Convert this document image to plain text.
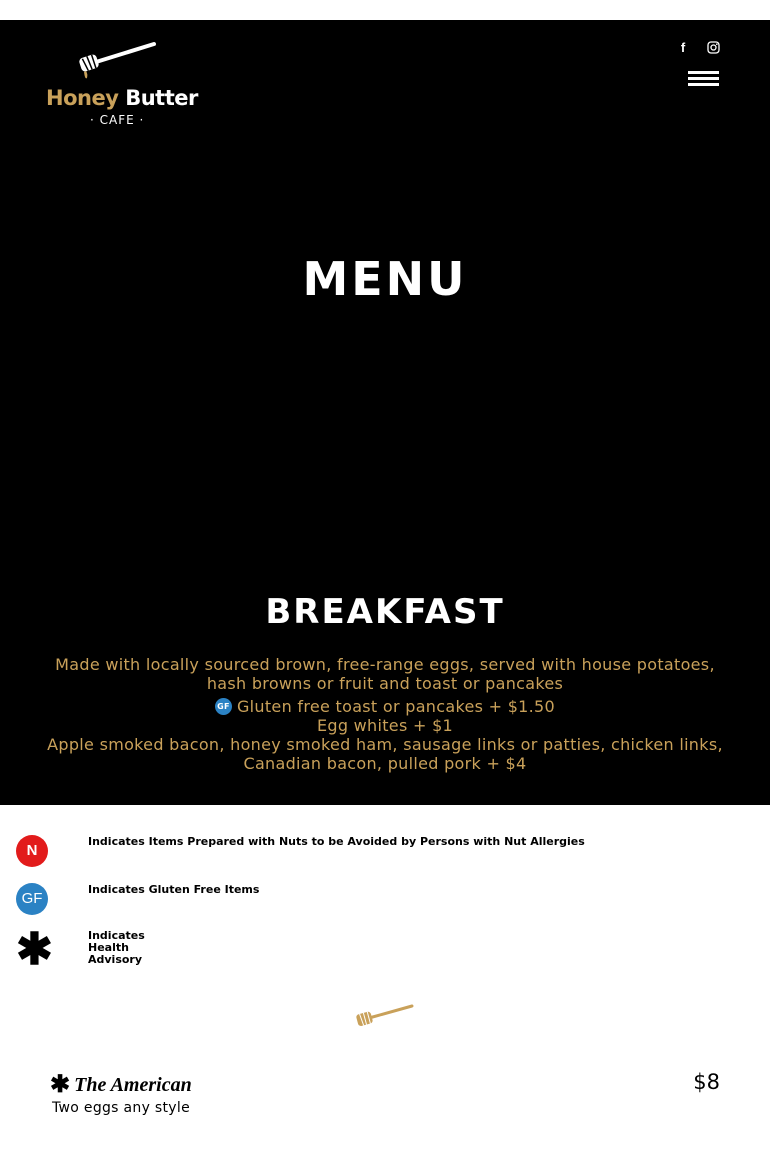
Honey Butter
· CAFE ·
f
MENU
BREAKFAST
Made with locally sourced brown, free-range eggs, served with house potatoes, hash browns or fruit and toast or pancakes
GF Gluten free toast or pancakes + $1.50
Egg whites + $1
Apple smoked bacon, honey smoked ham, sausage links or patties, chicken links, Canadian bacon, pulled pork + $4
N
Indicates Items Prepared with Nuts to be Avoided by Persons with Nut Allergies
GF
Indicates Gluten Free Items
✱	Indicates Health Advisory
✱ The American	$8
Two eggs any style
